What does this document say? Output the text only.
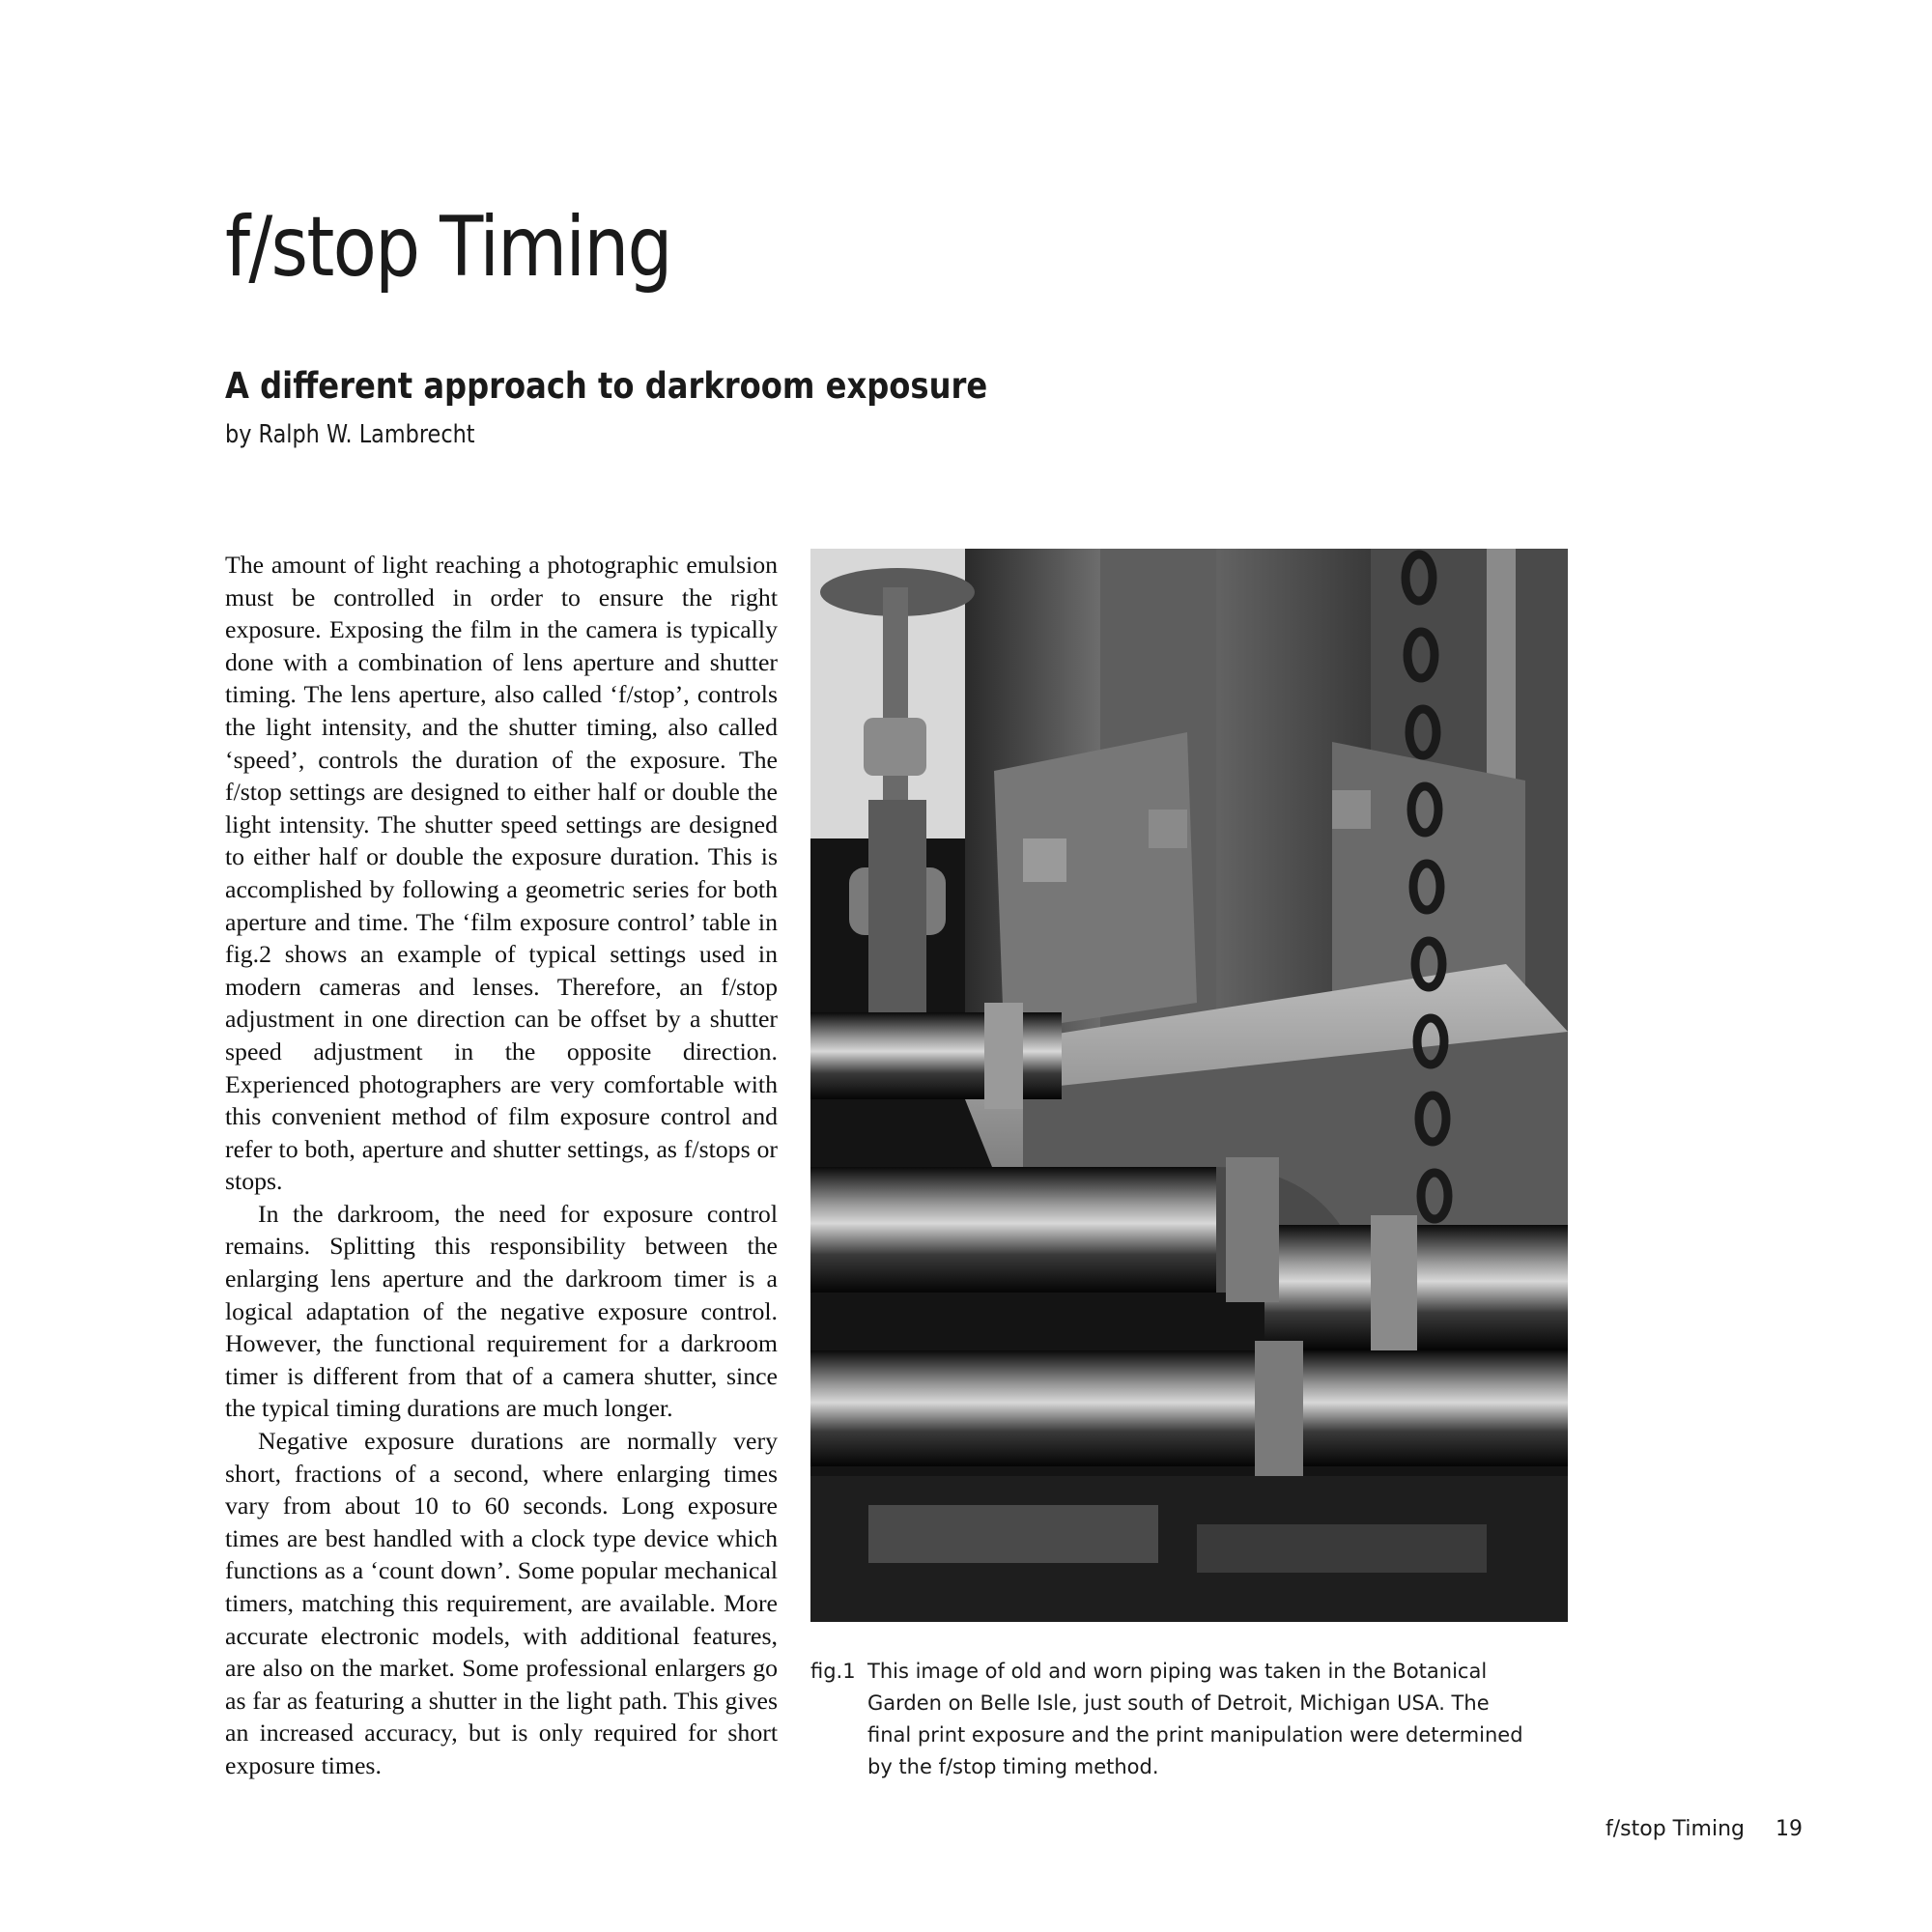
f/stop Timing
A different approach to darkroom exposure
by Ralph W. Lambrecht

The amount of light reaching a photographic emulsion must be controlled in order to ensure the right exposure. Exposing the film in the camera is typically done with a combination of lens aperture and shutter timing. The lens aperture, also called ‘f/stop’, controls the light intensity, and the shutter timing, also called ‘speed’, controls the duration of the exposure. The f/stop settings are designed to either half or double the light intensity. The shutter speed settings are designed to either half or double the exposure duration. This is accomplished by following a geometric series for both aperture and time. The ‘film exposure control’ table in fig.2 shows an example of typical settings used in modern cameras and lenses. Therefore, an f/stop adjustment in one direction can be offset by a shutter speed adjustment in the opposite direction. Experienced photographers are very comfortable with this convenient method of film exposure control and refer to both, aperture and shutter settings, as f/stops or stops.

In the darkroom, the need for exposure control remains. Splitting this responsibility between the enlarging lens aperture and the darkroom timer is a logical adaptation of the negative exposure control. However, the functional requirement for a darkroom timer is different from that of a camera shutter, since the typical timing durations are much longer.

Negative exposure durations are normally very short, fractions of a second, where enlarging times vary from about 10 to 60 seconds. Long exposure times are best handled with a clock type device which functions as a ‘count down’. Some popular mechanical timers, matching this requirement, are available. More accurate electronic models, with additional features, are also on the market. Some professional enlargers go as far as featuring a shutter in the light path. This gives an increased accuracy, but is only required for short exposure times.

fig.1 This image of old and worn piping was taken in the Botanical Garden on Belle Isle, just south of Detroit, Michigan USA. The final print exposure and the print manipulation were determined by the f/stop timing method.
f/stop Timing 19
